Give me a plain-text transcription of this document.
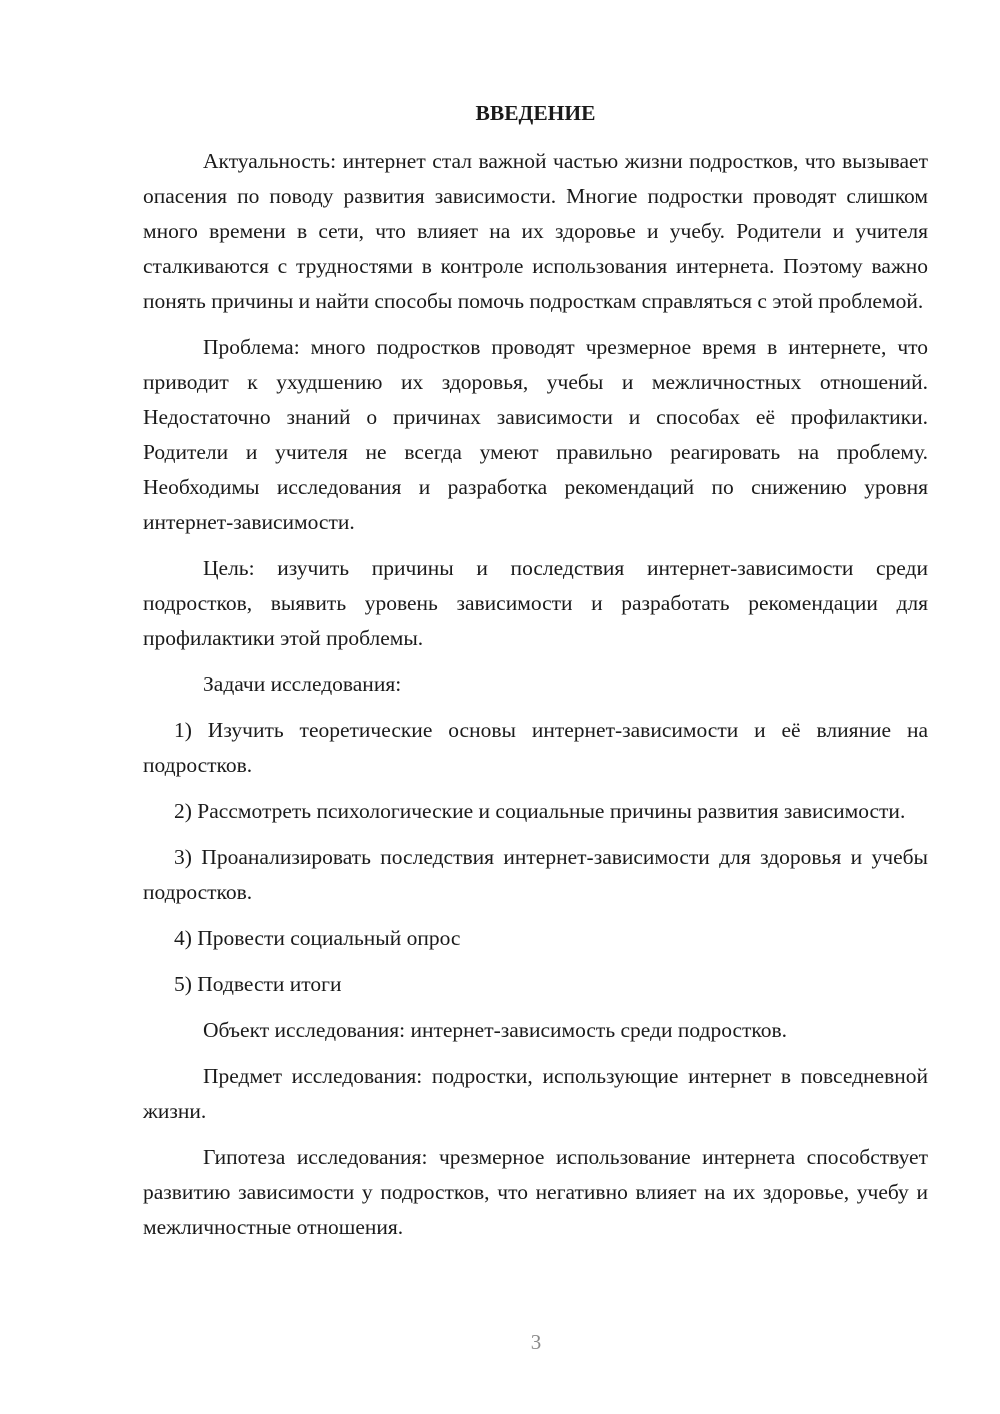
ВВЕДЕНИЕ

Актуальность: интернет стал важной частью жизни подростков, что вызывает опасения по поводу развития зависимости. Многие подростки проводят слишком много времени в сети, что влияет на их здоровье и учебу. Родители и учителя сталкиваются с трудностями в контроле использования интернета. Поэтому важно понять причины и найти способы помочь подросткам справляться с этой проблемой.

Проблема: много подростков проводят чрезмерное время в интернете, что приводит к ухудшению их здоровья, учебы и межличностных отношений. Недостаточно знаний о причинах зависимости и способах её профилактики. Родители и учителя не всегда умеют правильно реагировать на проблему. Необходимы исследования и разработка рекомендаций по снижению уровня интернет-зависимости.

Цель: изучить причины и последствия интернет-зависимости среди подростков, выявить уровень зависимости и разработать рекомендации для профилактики этой проблемы.

Задачи исследования:

1) Изучить теоретические основы интернет-зависимости и её влияние на подростков.

2) Рассмотреть психологические и социальные причины развития зависимости.

3) Проанализировать последствия интернет-зависимости для здоровья и учебы подростков.

4) Провести социальный опрос

5) Подвести итоги

Объект исследования: интернет-зависимость среди подростков.

Предмет исследования: подростки, использующие интернет в повседневной жизни.

Гипотеза исследования: чрезмерное использование интернета способствует развитию зависимости у подростков, что негативно влияет на их здоровье, учебу и межличностные отношения.

3
